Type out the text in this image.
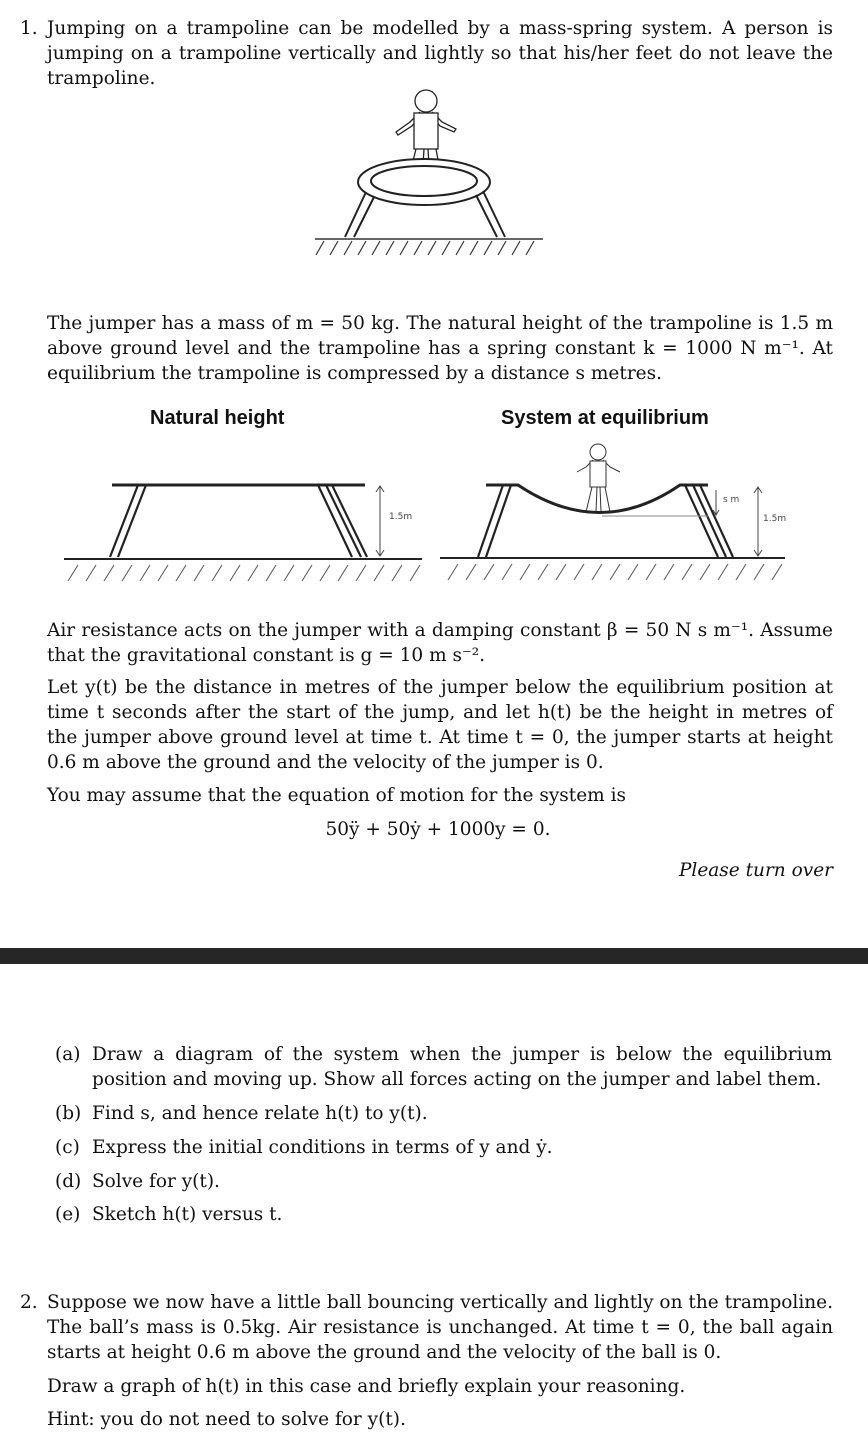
1. Jumping on a trampoline can be modelled by a mass-spring system. A person is jumping on a trampoline vertically and lightly so that his/her feet do not leave the trampoline.
The jumper has a mass of m = 50 kg. The natural height of the trampoline is 1.5 m above ground level and the trampoline has a spring constant k = 1000 N m⁻¹. At equilibrium the trampoline is compressed by a distance s metres.
Natural height	System at equilibrium
1.5m
s m
1.5m
Air resistance acts on the jumper with a damping constant β = 50 N s m⁻¹. Assume that the gravitational constant is g = 10 m s⁻².
Let y(t) be the distance in metres of the jumper below the equilibrium position at time t seconds after the start of the jump, and let h(t) be the height in metres of the jumper above ground level at time t. At time t = 0, the jumper starts at height 0.6 m above the ground and the velocity of the jumper is 0.
You may assume that the equation of motion for the system is
50ÿ + 50ẏ + 1000y = 0.
Please turn over
(a) Draw a diagram of the system when the jumper is below the equilibrium position and moving up. Show all forces acting on the jumper and label them.
(b) Find s, and hence relate h(t) to y(t).
(c) Express the initial conditions in terms of y and ẏ.
(d) Solve for y(t).
(e) Sketch h(t) versus t.
2. Suppose we now have a little ball bouncing vertically and lightly on the trampoline. The ball’s mass is 0.5kg. Air resistance is unchanged. At time t = 0, the ball again starts at height 0.6 m above the ground and the velocity of the ball is 0.
Draw a graph of h(t) in this case and briefly explain your reasoning.
Hint: you do not need to solve for y(t).
